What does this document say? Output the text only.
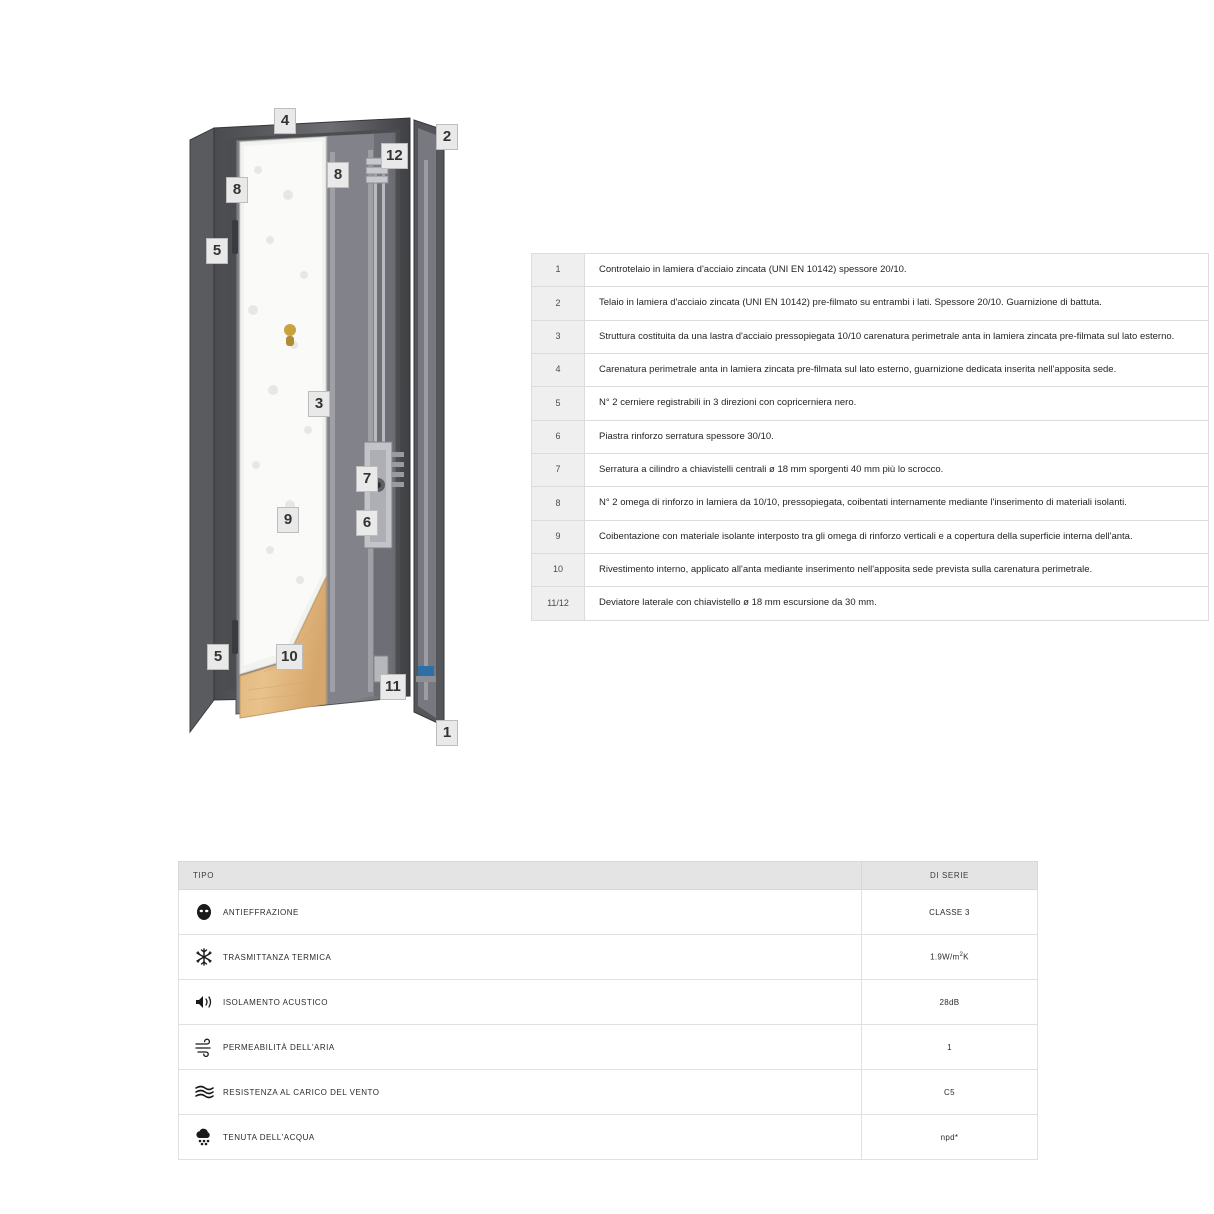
4
2
12
8
8
5
3
7
6
9
5	10
11
1
1	Controtelaio in lamiera d'acciaio zincata (UNI EN 10142) spessore 20/10.
2	Telaio in lamiera d'acciaio zincata (UNI EN 10142) pre-filmato su entrambi i lati. Spessore 20/10. Guarnizione di battuta.
3	Struttura costituita da una lastra d'acciaio pressopiegata 10/10 carenatura perimetrale anta in lamiera zincata pre-filmata sul lato esterno.
4	Carenatura perimetrale anta in lamiera zincata pre-filmata sul lato esterno, guarnizione dedicata inserita nell'apposita sede.
5	N° 2 cerniere registrabili in 3 direzioni con copricerniera nero.
6	Piastra rinforzo serratura spessore 30/10.
7	Serratura a cilindro a chiavistelli centrali ø 18 mm sporgenti 40 mm più lo scrocco.
8	N° 2 omega di rinforzo in lamiera da 10/10, pressopiegata, coibentati internamente mediante l'inserimento di materiali isolanti.
9	Coibentazione con materiale isolante interposto tra gli omega di rinforzo verticali e a copertura della superficie interna dell'anta.
10	Rivestimento interno, applicato all'anta mediante inserimento nell'apposita sede prevista sulla carenatura perimetrale.
11/12	Deviatore laterale con chiavistello ø 18 mm escursione da 30 mm.
TIPO	DI SERIE

ANTIEFFRAZIONE	CLASSE 3

TRASMITTANZA TERMICA	$1.9W/m^2K$

ISOLAMENTO ACUSTICO	28dB

PERMEABILITÀ DELL'ARIA	1

RESISTENZA AL CARICO DEL VENTO	C5

TENUTA DELL'ACQUA	npd*
